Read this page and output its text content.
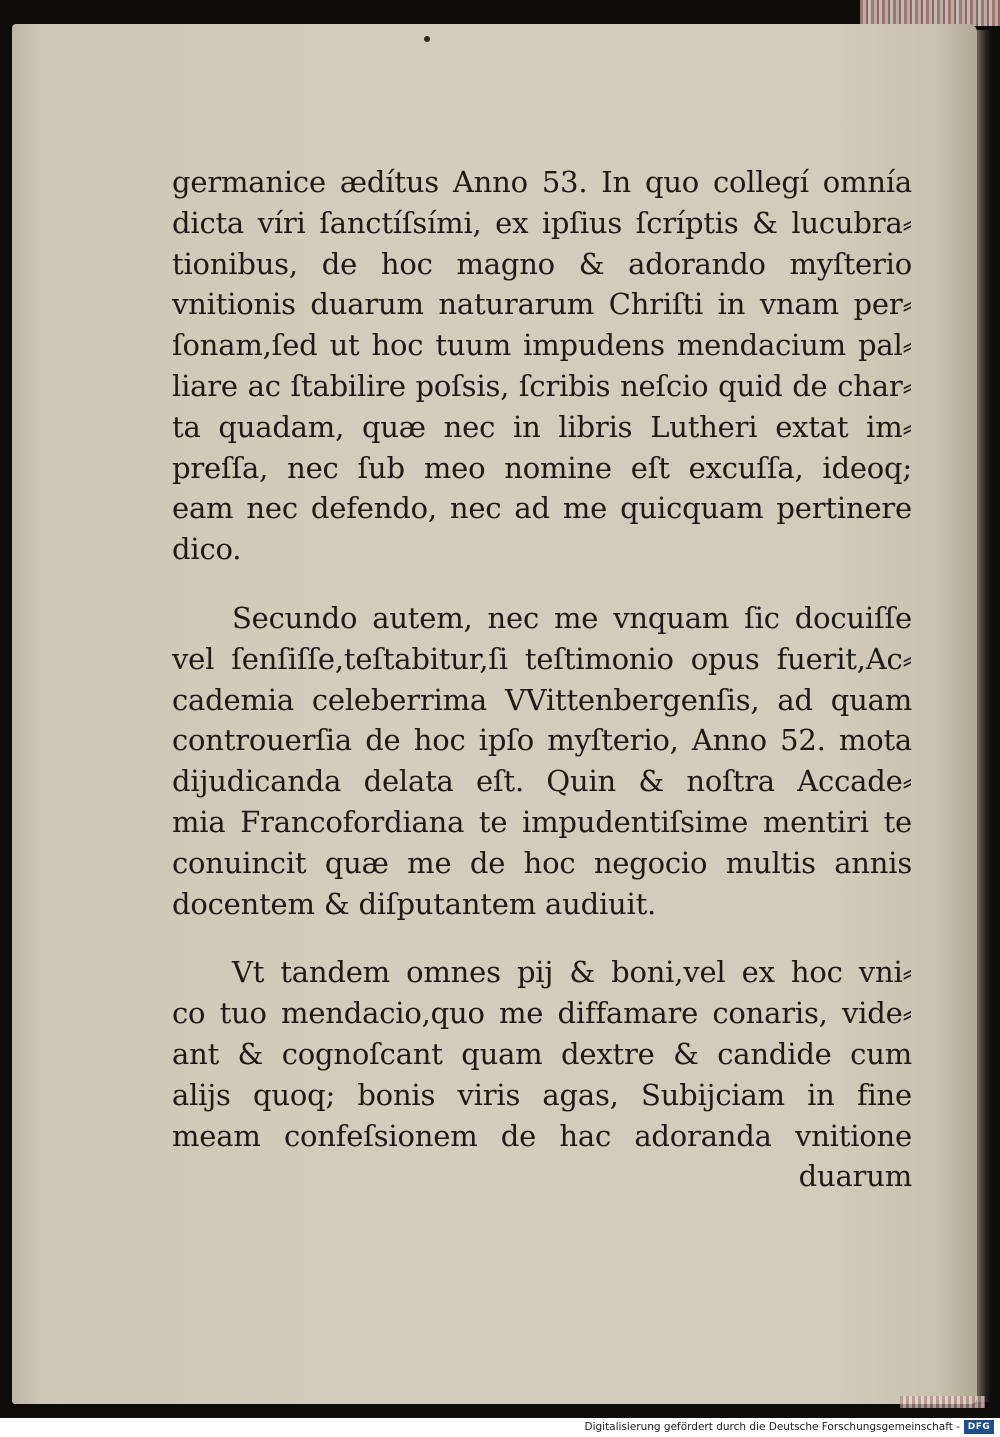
germanice ædítus Anno 53. In quo collegí omnía
dicta víri ſanctíſsími, ex ipſius ſcríptis & lucubra⸗
tionibus, de hoc magno & adorando myſterio
vnitionis duarum naturarum Chriſti in vnam per⸗
ſonam,ſed ut hoc tuum impudens mendacium pal⸗
liare ac ſtabilire poſsis, ſcribis neſcio quid de char⸗
ta quadam, quæ nec in libris Lutheri extat im⸗
preſſa, nec ſub meo nomine eſt excuſſa, ideoq;
eam nec defendo, nec ad me quicquam pertinere
dico.
Secundo autem, nec me vnquam ſic docuiſſe
vel ſenſiſſe,teſtabitur,ſi teſtimonio opus fuerit,Ac⸗
cademia celeberrima VVittenbergenſis, ad quam
controuerſia de hoc ipſo myſterio, Anno 52. mota
dijudicanda delata eſt. Quin & noſtra Accade⸗
mia Francofordiana te impudentiſsime mentiri te
conuincit quæ me de hoc negocio multis annis
docentem & diſputantem audiuit.
Vt tandem omnes pij & boni,vel ex hoc vni⸗
co tuo mendacio,quo me diffamare conaris, vide⸗
ant & cognoſcant quam dextre & candide cum
alijs quoq; bonis viris agas, Subijciam in fine
meam confeſsionem de hac adoranda vnitione
duarum
Digitalisierung gefördert durch die Deutsche Forschungsgemeinschaft - DFG
